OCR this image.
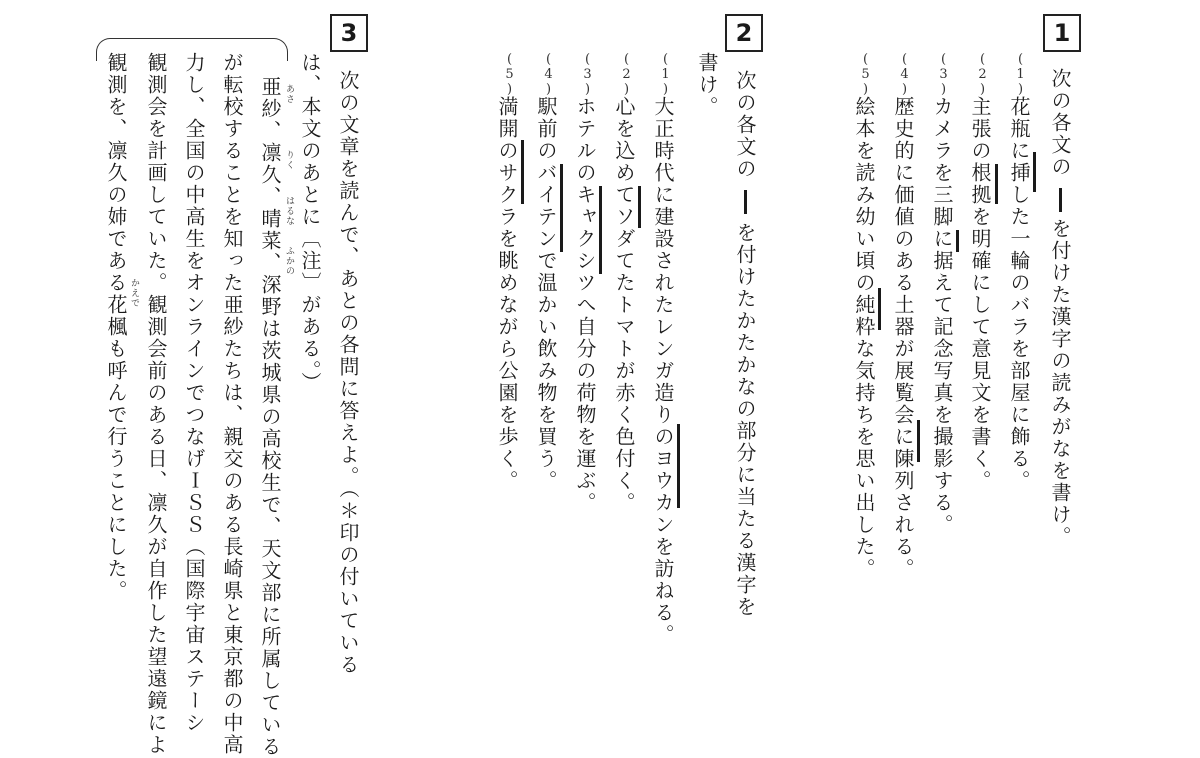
1
次の各文の
を付けた漢字の読みがなを書け。
(1)
花瓶に挿した一輪のバラを部屋に飾る。
(2)
主張の根拠を明確にして意見文を書く。
(3)
カメラを三脚に据えて記念写真を撮影する。
(4)
歴史的に価値のある土器が展覧会に陳列される。
(5)
絵本を読み幼い頃の純粋な気持ちを思い出した。
2
次の各文の
を付けたかたかなの部分に当たる漢字を
書け。
(1)
大正時代に建設されたレンガ造りのヨウカンを訪ねる。
(2)
心を込めてソダてたトマトが赤く色付く。
(3)
ホテルのキャクシツへ自分の荷物を運ぶ。
(4)
駅前のバイテンで温かい飲み物を買う。
(5)
満開のサクラを眺めながら公園を歩く。
3
次の文章を読んで、あとの各問に答えよ。（＊印の付いている
は、本文のあとに〔注〕がある。）
あさ
りく
はるな
ふかの
亜紗、凛久、晴菜、深野は茨城県の高校生で、天文部に所属している
が転校することを知った亜紗たちは、親交のある長崎県と東京都の中高
力し、全国の中高生をオンラインでつなげＩＳＳ（国際宇宙ステーシ
観測会を計画していた。観測会前のある日、凛久が自作した望遠鏡によ
かえで
観測を、凛久の姉である花楓も呼んで行うことにした。
